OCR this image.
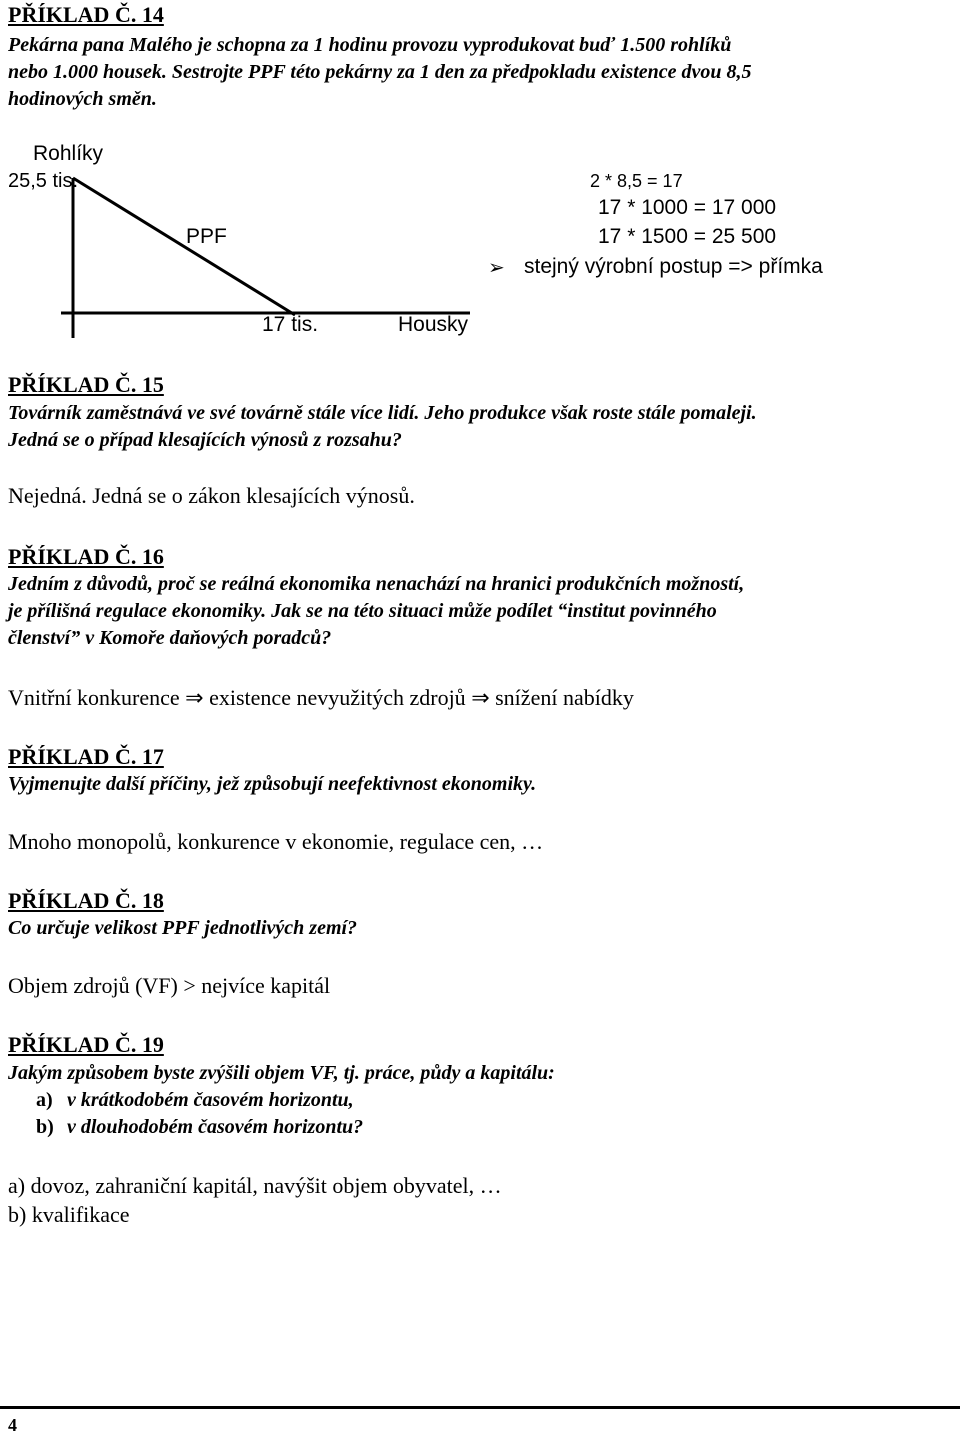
PŘÍKLAD Č. 14
Pekárna pana Malého je schopna za 1 hodinu provozu vyprodukovat buď 1.500 rohlíků
nebo 1.000 housek. Sestrojte PPF této pekárny za 1 den za předpokladu existence dvou 8,5
hodinových směn.
Rohlíky
25,5 tis.
PPF
17 tis.	Housky
2 * 8,5 = 17
17 * 1000 = 17 000
17 * 1500 = 25 500
➢ stejný výrobní postup => přímka
PŘÍKLAD Č. 15
Továrník zaměstnává ve své továrně stále více lidí. Jeho produkce však roste stále pomaleji.
Jedná se o případ klesajících výnosů z rozsahu?
Nejedná. Jedná se o zákon klesajících výnosů.
PŘÍKLAD Č. 16
Jedním z důvodů, proč se reálná ekonomika nenachází na hranici produkčních možností,
je přílišná regulace ekonomiky. Jak se na této situaci může podílet “institut povinného
členství” v Komoře daňových poradců?
Vnitřní konkurence ⇒ existence nevyužitých zdrojů ⇒ snížení nabídky
PŘÍKLAD Č. 17
Vyjmenujte další příčiny, jež způsobují neefektivnost ekonomiky.
Mnoho monopolů, konkurence v ekonomie, regulace cen, …
PŘÍKLAD Č. 18
Co určuje velikost PPF jednotlivých zemí?
Objem zdrojů (VF) > nejvíce kapitál
PŘÍKLAD Č. 19
Jakým způsobem byste zvýšili objem VF, tj. práce, půdy a kapitálu:
a) v krátkodobém časovém horizontu,
b) v dlouhodobém časovém horizontu?
a) dovoz, zahraniční kapitál, navýšit objem obyvatel, …
b) kvalifikace
4
